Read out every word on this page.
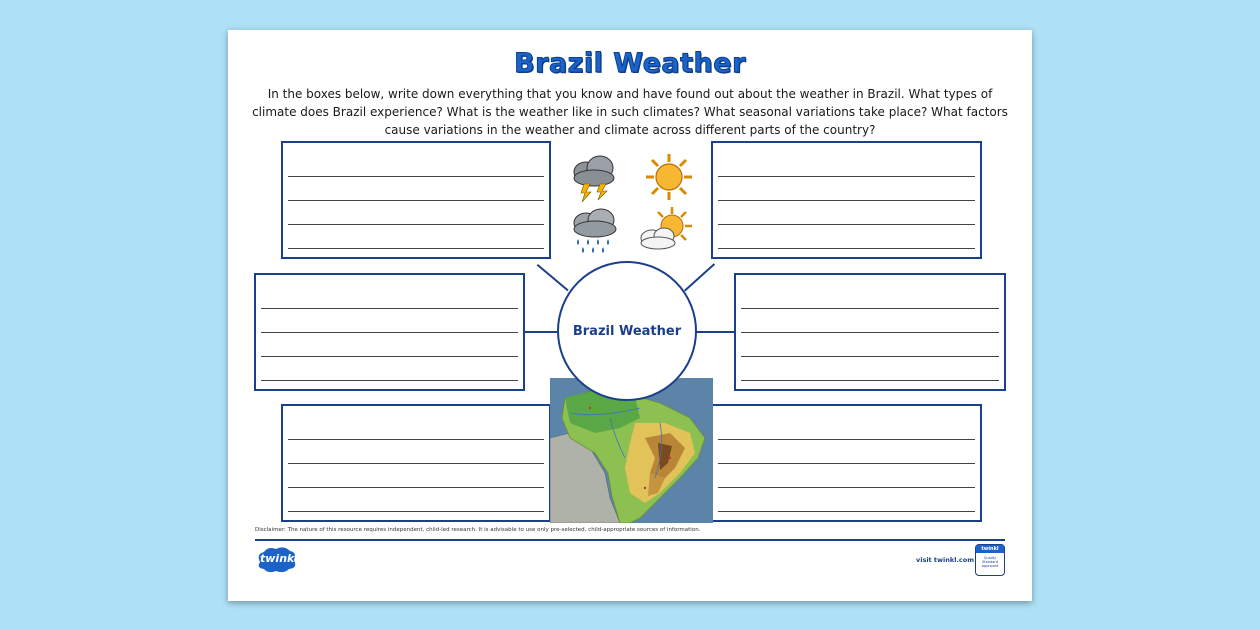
Brazil Weather
In the boxes below, write down everything that you know and have found out about the weather in Brazil. What types of climate does Brazil experience? What is the weather like in such climates? What seasonal variations take place? What factors cause variations in the weather and climate across different parts of the country?
Brazil Weather
Disclaimer: The nature of this resource requires independent, child-led research. It is advisable to use only pre-selected, child-appropriate sources of information.
twinkl	visit twinkl.com
twinkl
Quality Standard Approved
